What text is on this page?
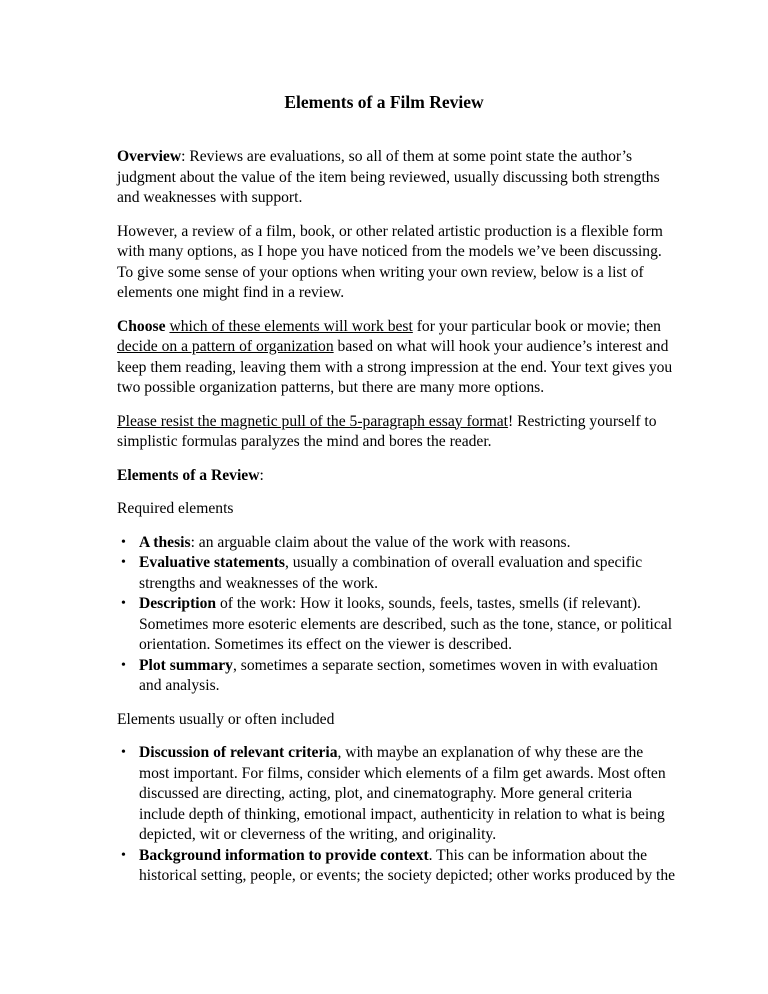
Elements of a Film Review

Overview: Reviews are evaluations, so all of them at some point state the author’s judgment about the value of the item being reviewed, usually discussing both strengths and weaknesses with support.

However, a review of a film, book, or other related artistic production is a flexible form with many options, as I hope you have noticed from the models we’ve been discussing. To give some sense of your options when writing your own review, below is a list of elements one might find in a review.

Choose which of these elements will work best for your particular book or movie; then decide on a pattern of organization based on what will hook your audience’s interest and keep them reading, leaving them with a strong impression at the end. Your text gives you two possible organization patterns, but there are many more options.

Please resist the magnetic pull of the 5-paragraph essay format! Restricting yourself to simplistic formulas paralyzes the mind and bores the reader.

Elements of a Review:

Required elements

• A thesis: an arguable claim about the value of the work with reasons.
• Evaluative statements, usually a combination of overall evaluation and specific strengths and weaknesses of the work.
• Description of the work: How it looks, sounds, feels, tastes, smells (if relevant). Sometimes more esoteric elements are described, such as the tone, stance, or political orientation. Sometimes its effect on the viewer is described.
• Plot summary, sometimes a separate section, sometimes woven in with evaluation and analysis.

Elements usually or often included

• Discussion of relevant criteria, with maybe an explanation of why these are the most important. For films, consider which elements of a film get awards. Most often discussed are directing, acting, plot, and cinematography. More general criteria include depth of thinking, emotional impact, authenticity in relation to what is being depicted, wit or cleverness of the writing, and originality.
• Background information to provide context. This can be information about the historical setting, people, or events; the society depicted; other works produced by the
